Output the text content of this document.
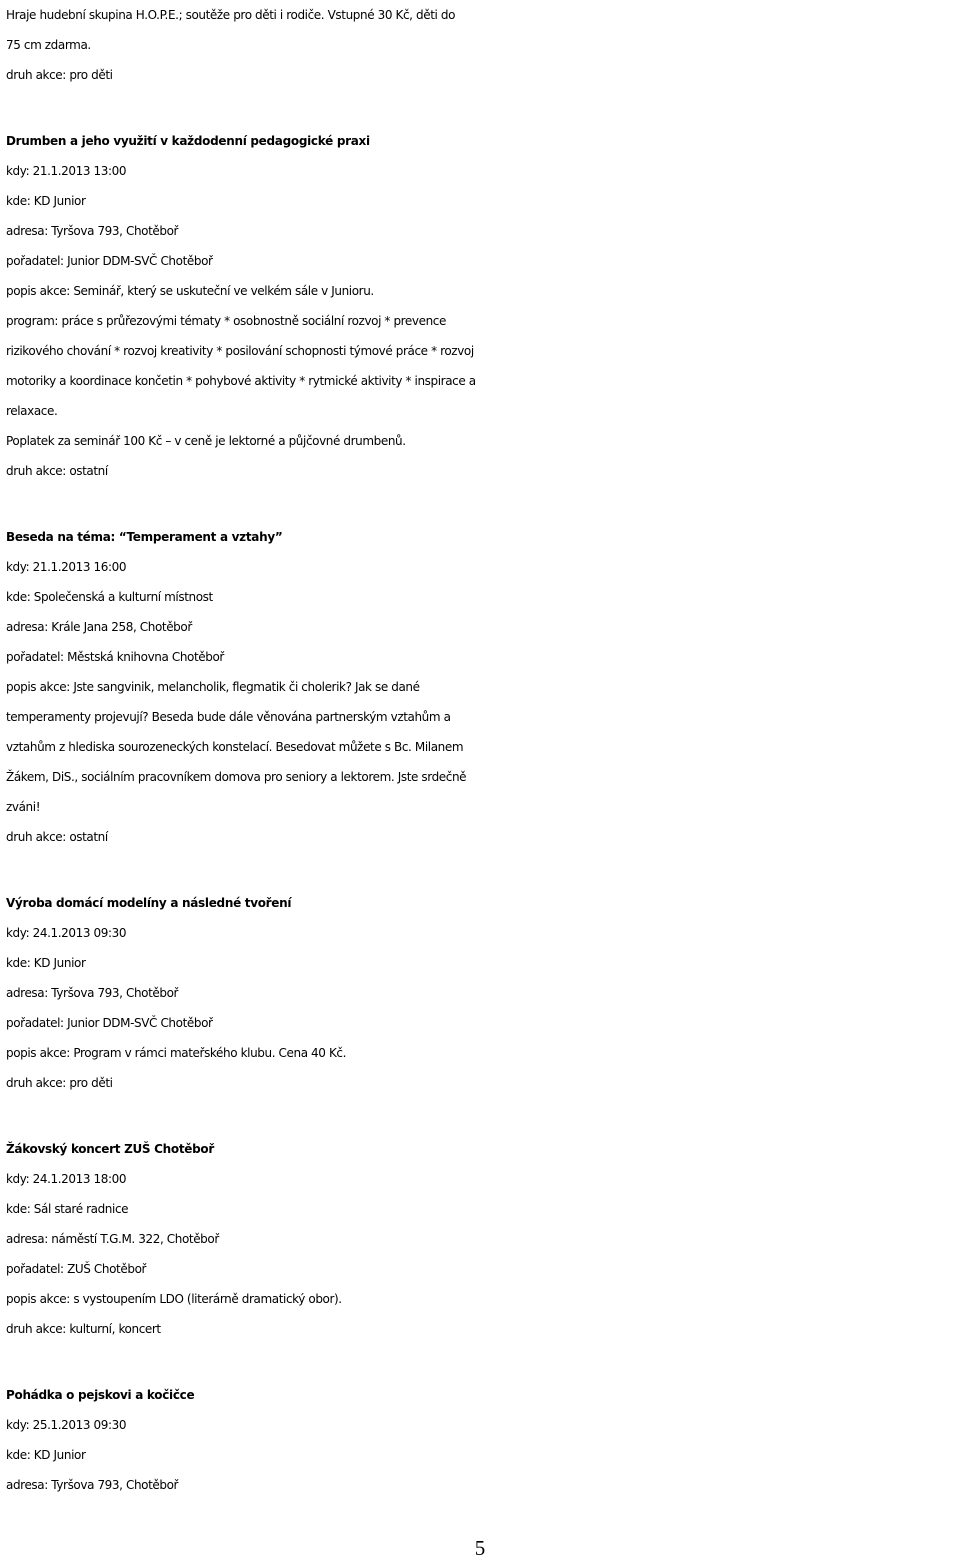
Hraje hudební skupina H.O.P.E.; soutěže pro děti i rodiče. Vstupné 30 Kč, děti do
75 cm zdarma.
druh akce: pro děti
Drumben a jeho využití v každodenní pedagogické praxi
kdy: 21.1.2013 13:00
kde: KD Junior
adresa: Tyršova 793, Chotěboř
pořadatel: Junior DDM-SVČ Chotěboř
popis akce: Seminář, který se uskuteční ve velkém sále v Junioru.
program: práce s průřezovými tématy * osobnostně sociální rozvoj * prevence
rizikového chování * rozvoj kreativity * posilování schopnosti týmové práce * rozvoj
motoriky a koordinace končetin * pohybové aktivity * rytmické aktivity * inspirace a
relaxace.
Poplatek za seminář 100 Kč – v ceně je lektorné a půjčovné drumbenů.
druh akce: ostatní
Beseda na téma: “Temperament a vztahy”
kdy: 21.1.2013 16:00
kde: Společenská a kulturní místnost
adresa: Krále Jana 258, Chotěboř
pořadatel: Městská knihovna Chotěboř
popis akce: Jste sangvinik, melancholik, flegmatik či cholerik? Jak se dané
temperamenty projevují? Beseda bude dále věnována partnerským vztahům a
vztahům z hlediska sourozeneckých konstelací. Besedovat můžete s Bc. Milanem
Žákem, DiS., sociálním pracovníkem domova pro seniory a lektorem. Jste srdečně
zváni!
druh akce: ostatní
Výroba domácí modelíny a následné tvoření
kdy: 24.1.2013 09:30
kde: KD Junior
adresa: Tyršova 793, Chotěboř
pořadatel: Junior DDM-SVČ Chotěboř
popis akce: Program v rámci mateřského klubu. Cena 40 Kč.
druh akce: pro děti
Žákovský koncert ZUŠ Chotěboř
kdy: 24.1.2013 18:00
kde: Sál staré radnice
adresa: náměstí T.G.M. 322, Chotěboř
pořadatel: ZUŠ Chotěboř
popis akce: s vystoupením LDO (literárně dramatický obor).
druh akce: kulturní, koncert
Pohádka o pejskovi a kočičce
kdy: 25.1.2013 09:30
kde: KD Junior
adresa: Tyršova 793, Chotěboř
5
